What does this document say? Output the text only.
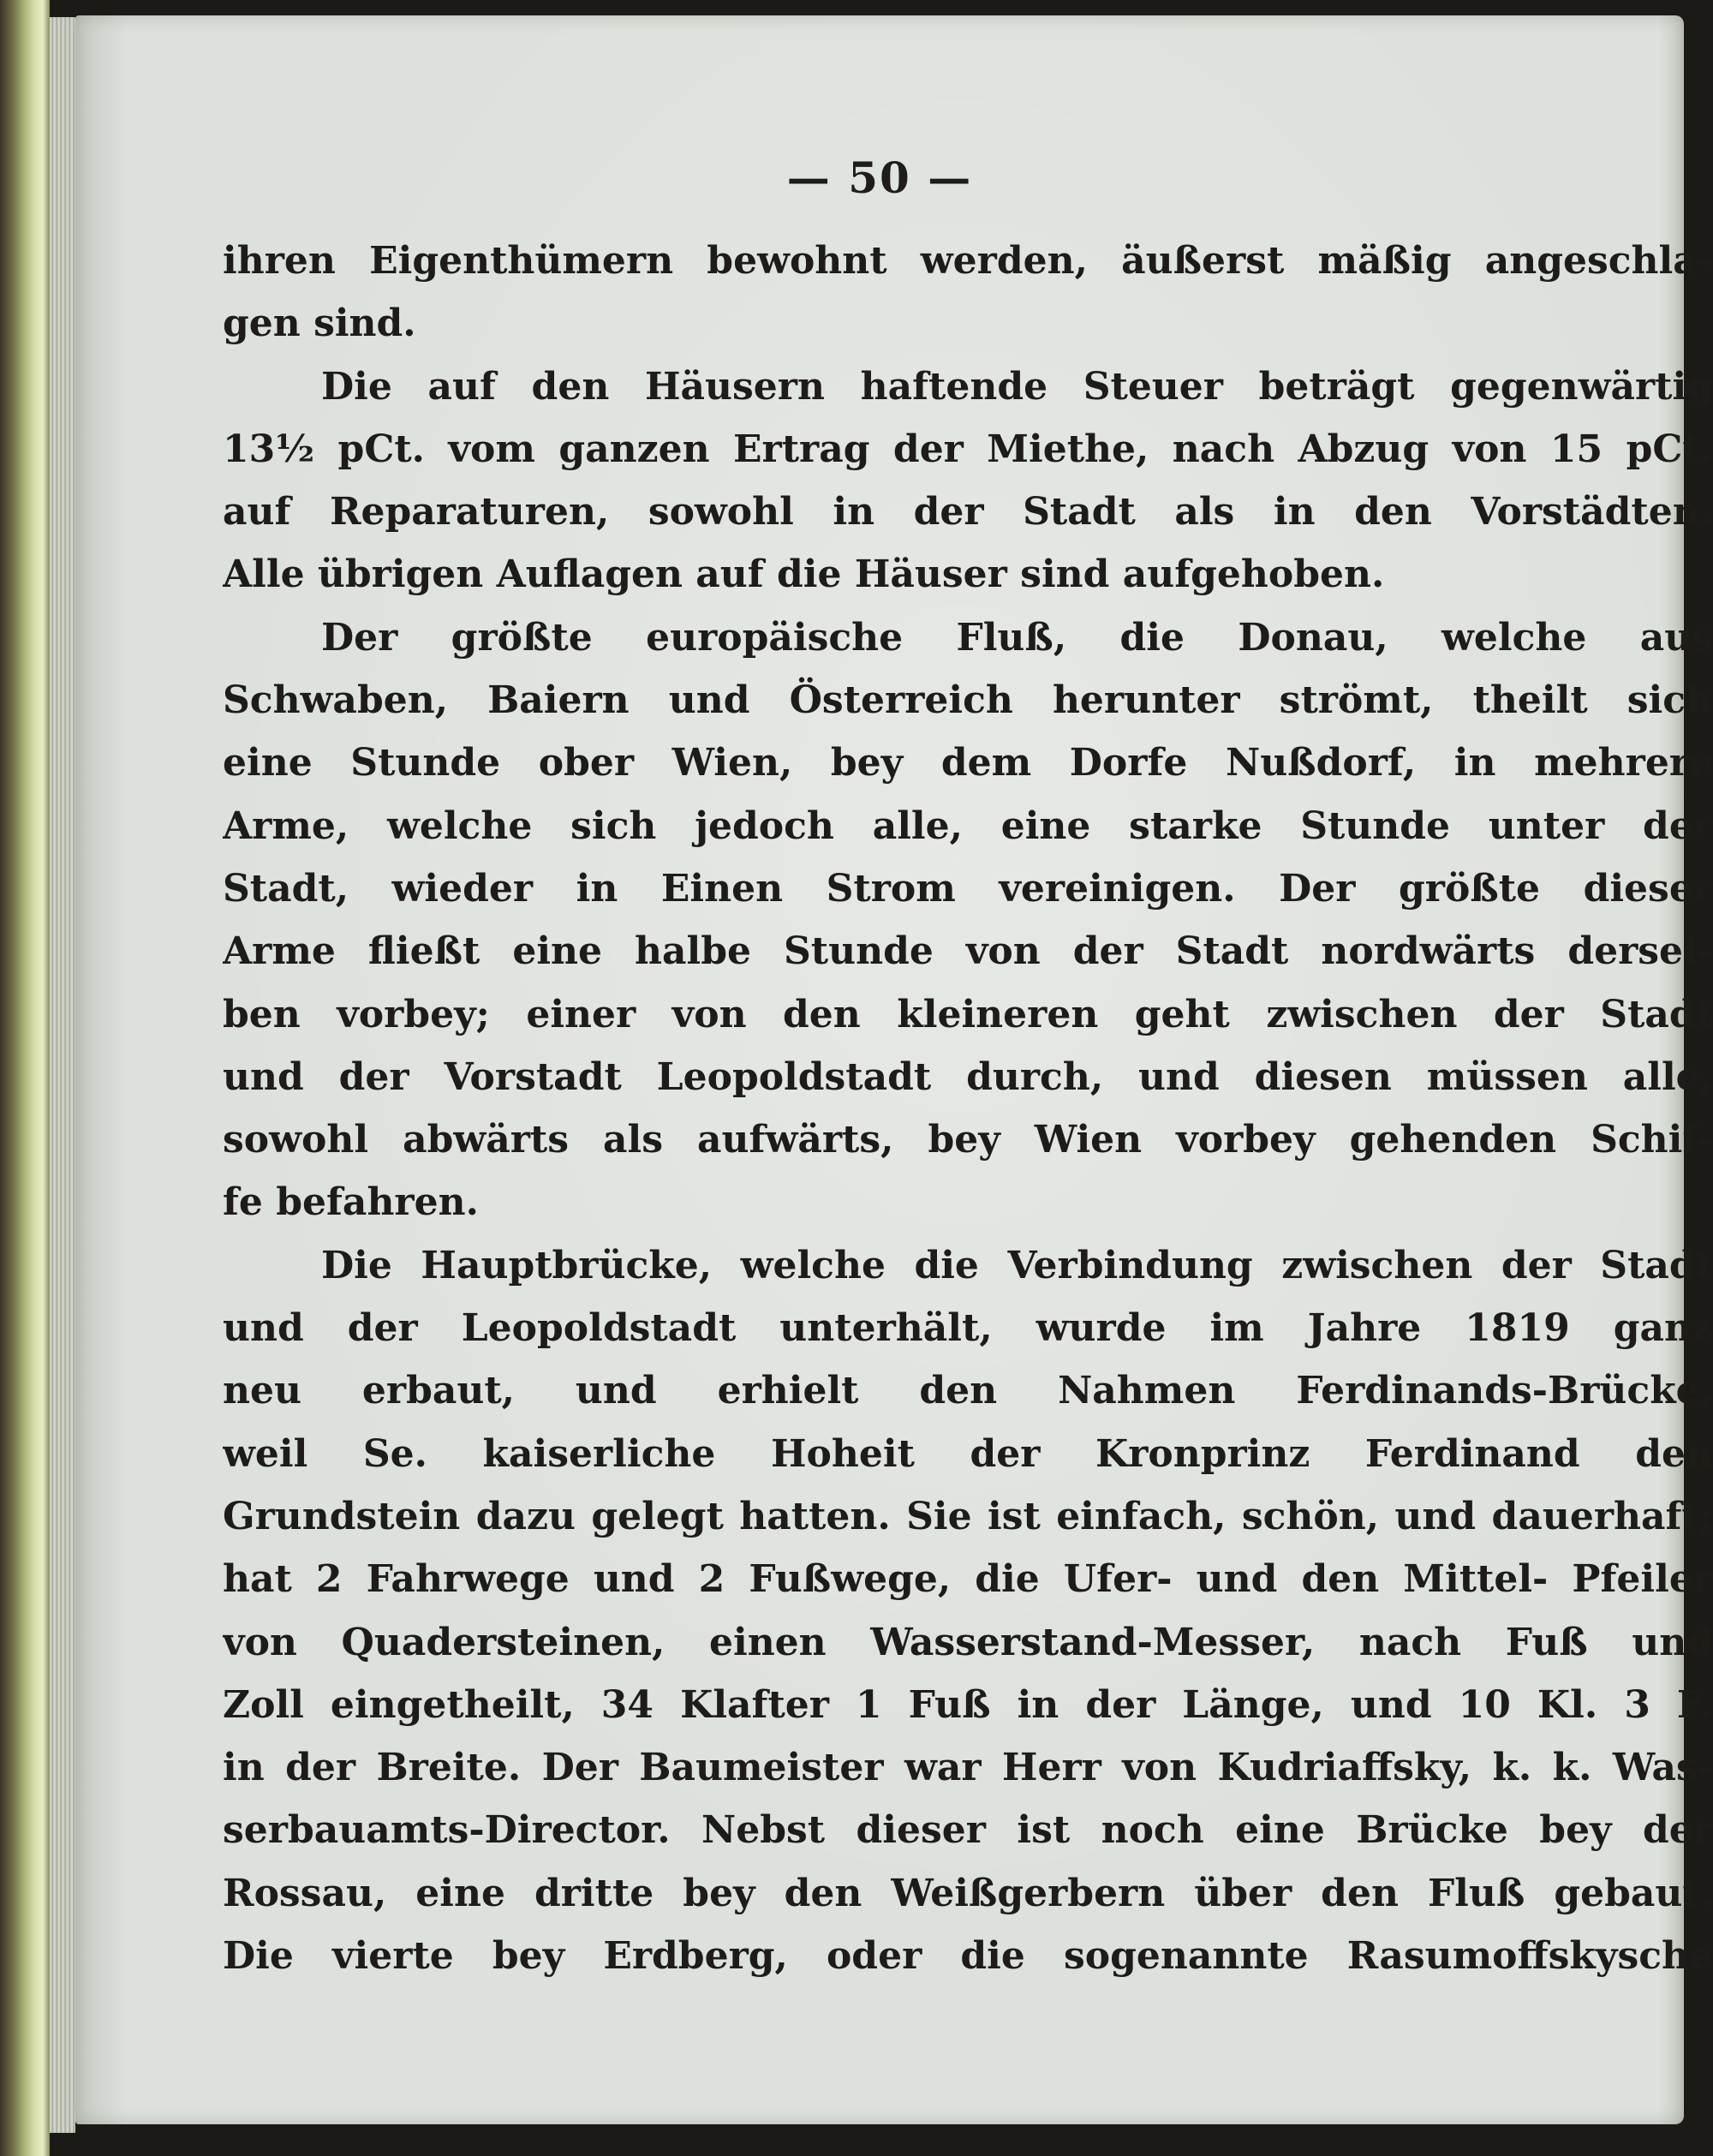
— 50 —
ihren Eigenthümern bewohnt werden, äußerst mäßig angeschla-
gen sind.
Die auf den Häusern haftende Steuer beträgt gegenwärtig
13½ pCt. vom ganzen Ertrag der Miethe, nach Abzug von 15 pCt.
auf Reparaturen, sowohl in der Stadt als in den Vorstädten.
Alle übrigen Auflagen auf die Häuser sind aufgehoben.
Der größte europäische Fluß, die Donau, welche aus
Schwaben, Baiern und Österreich herunter strömt, theilt sich
eine Stunde ober Wien, bey dem Dorfe Nußdorf, in mehrere
Arme, welche sich jedoch alle, eine starke Stunde unter der
Stadt, wieder in Einen Strom vereinigen. Der größte dieser
Arme fließt eine halbe Stunde von der Stadt nordwärts dersel-
ben vorbey; einer von den kleineren geht zwischen der Stadt
und der Vorstadt Leopoldstadt durch, und diesen müssen alle,
sowohl abwärts als aufwärts, bey Wien vorbey gehenden Schif-
fe befahren.
Die Hauptbrücke, welche die Verbindung zwischen der Stadt
und der Leopoldstadt unterhält, wurde im Jahre 1819 ganz
neu erbaut, und erhielt den Nahmen Ferdinands-Brücke,
weil Se. kaiserliche Hoheit der Kronprinz Ferdinand den
Grundstein dazu gelegt hatten. Sie ist einfach, schön, und dauerhaft;
hat 2 Fahrwege und 2 Fußwege, die Ufer- und den Mittel- Pfeiler
von Quadersteinen, einen Wasserstand-Messer, nach Fuß und
Zoll eingetheilt, 34 Klafter 1 Fuß in der Länge, und 10 Kl. 3 F.
in der Breite. Der Baumeister war Herr von Kudriaffsky, k. k. Was-
serbauamts-Director. Nebst dieser ist noch eine Brücke bey der
Rossau, eine dritte bey den Weißgerbern über den Fluß gebaut.
Die vierte bey Erdberg, oder die sogenannte Rasumoffskysche
